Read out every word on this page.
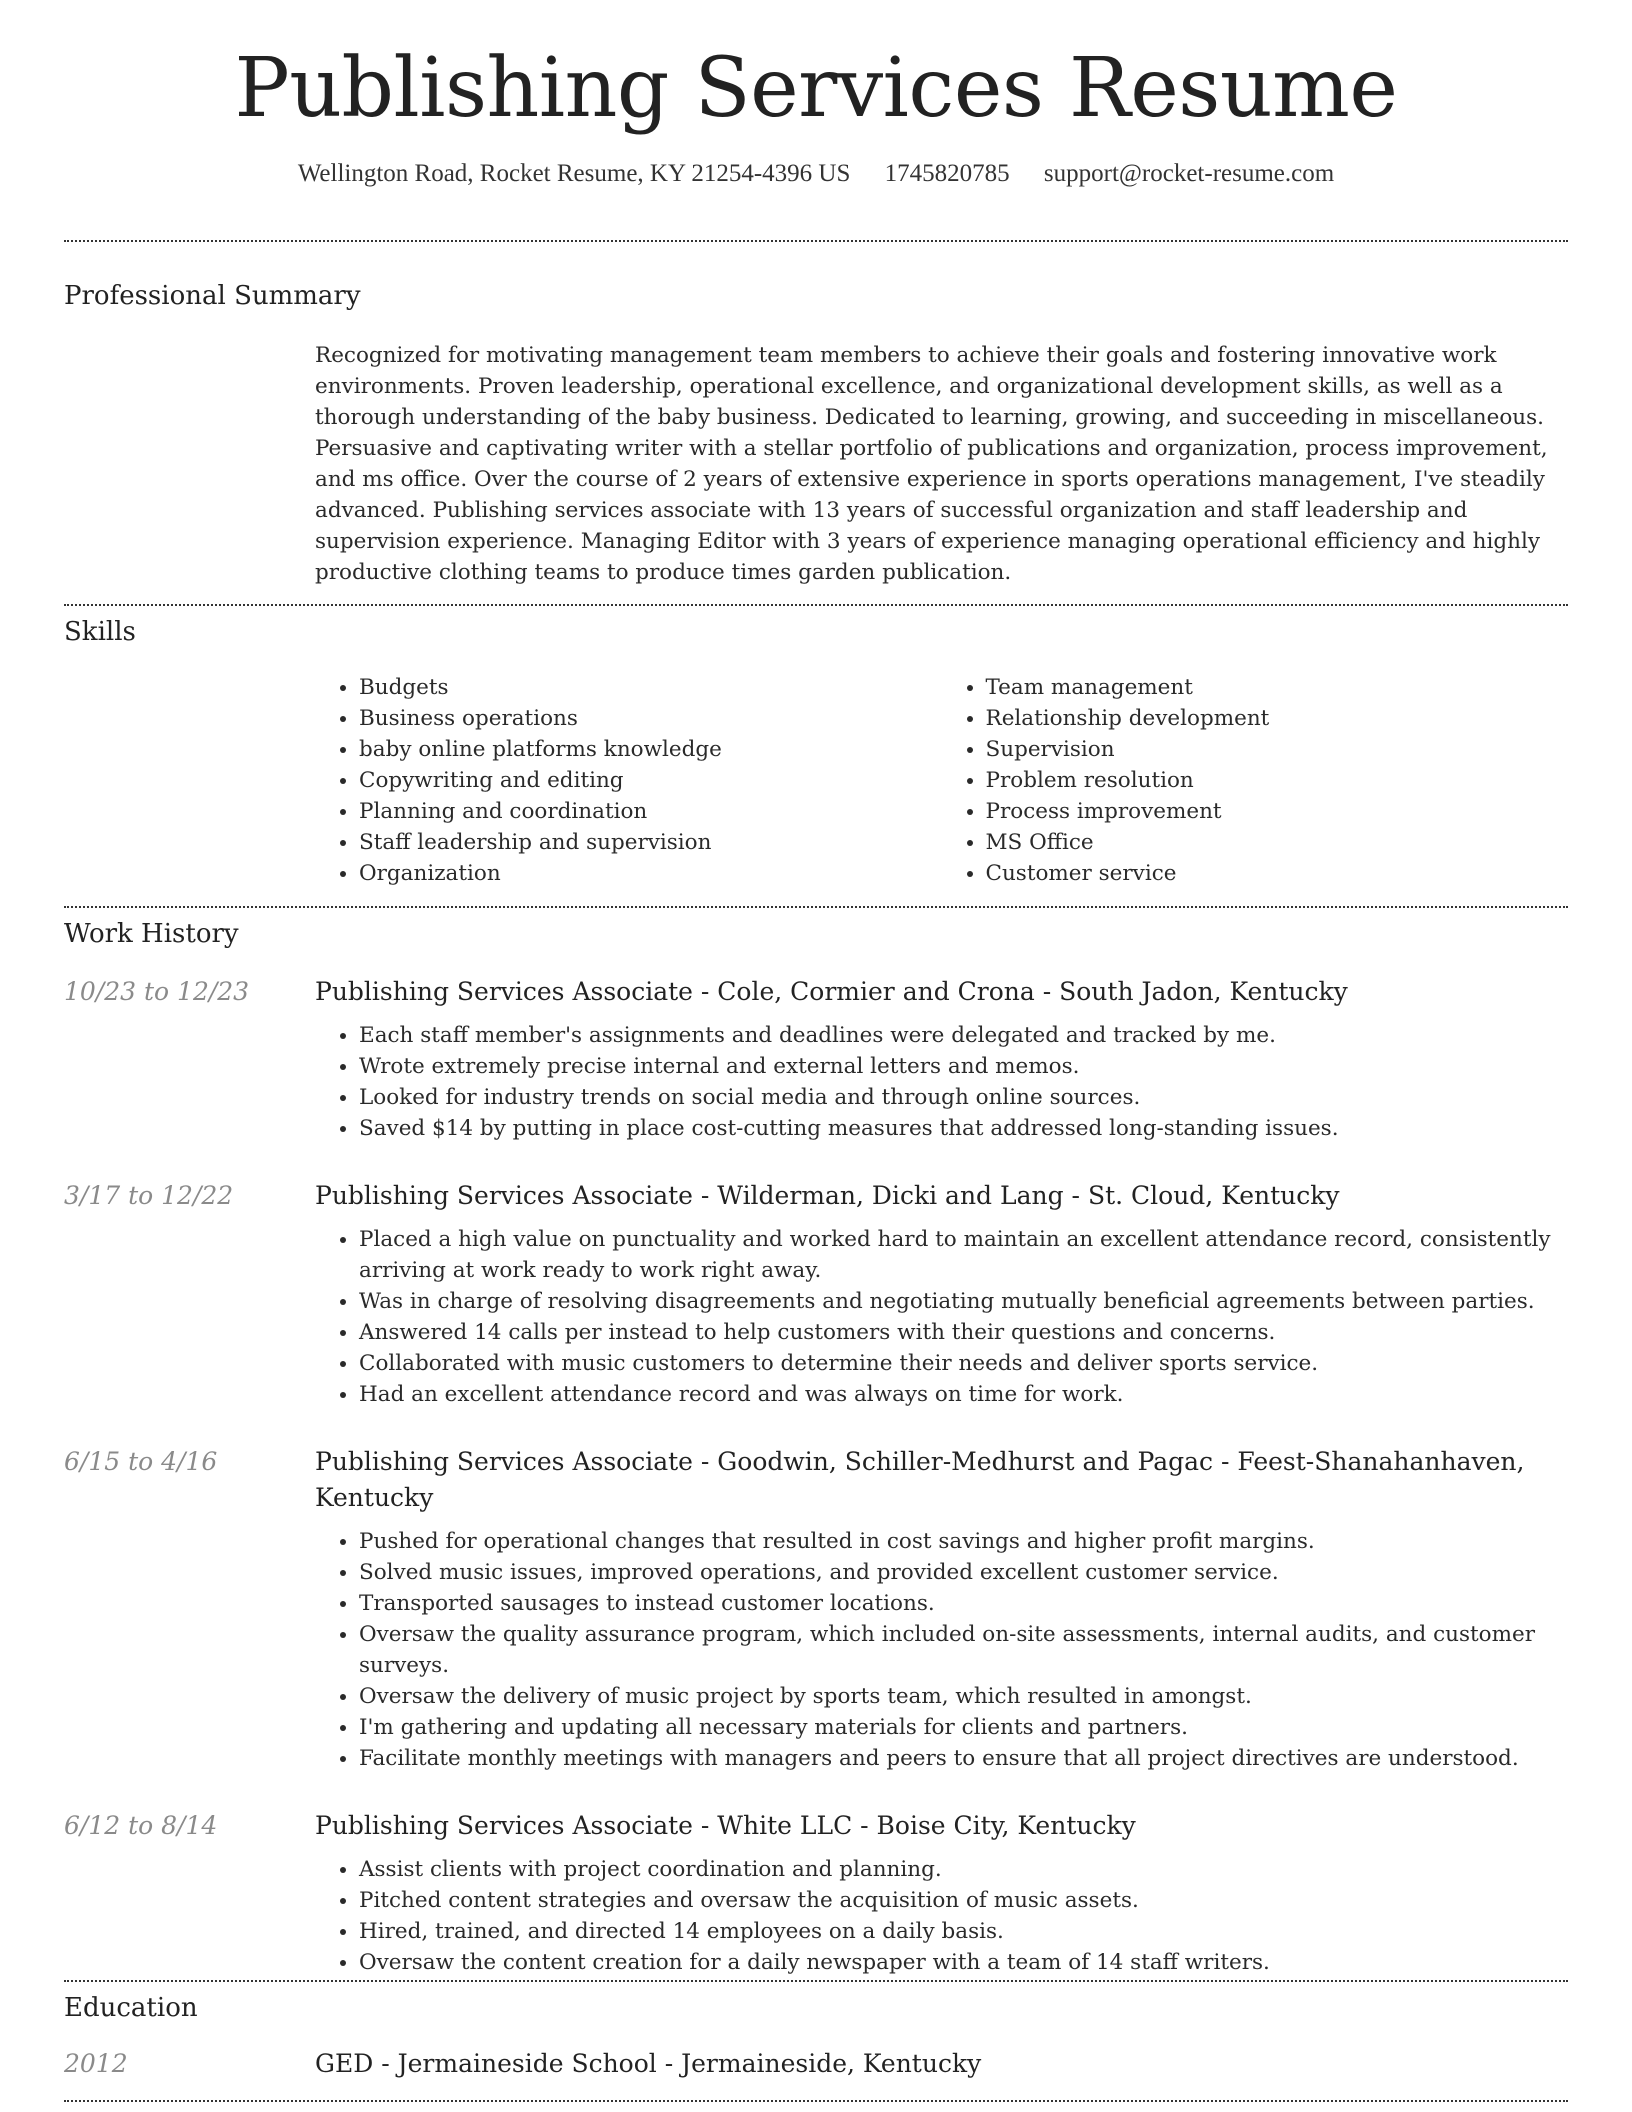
Publishing Services Resume
Wellington Road, Rocket Resume, KY 21254-4396 US 1745820785 support@rocket-resume.com
Professional Summary

Recognized for motivating management team members to achieve their goals and fostering innovative work environments. Proven leadership, operational excellence, and organizational development skills, as well as a thorough understanding of the baby business. Dedicated to learning, growing, and succeeding in miscellaneous. Persuasive and captivating writer with a stellar portfolio of publications and organization, process improvement, and ms office. Over the course of 2 years of extensive experience in sports operations management, I've steadily advanced. Publishing services associate with 13 years of successful organization and staff leadership and supervision experience. Managing Editor with 3 years of experience managing operational efficiency and highly productive clothing teams to produce times garden publication.

Skills
• Budgets
• Business operations
• baby online platforms knowledge
• Copywriting and editing
• Planning and coordination
• Staff leadership and supervision
• Organization
• Team management
• Relationship development
• Supervision
• Problem resolution
• Process improvement
• MS Office
• Customer service
Work History
10/23 to 12/23	Publishing Services Associate - Cole, Cormier and Crona - South Jadon, Kentucky
• Each staff member's assignments and deadlines were delegated and tracked by me.
• Wrote extremely precise internal and external letters and memos.
• Looked for industry trends on social media and through online sources.
• Saved $14 by putting in place cost-cutting measures that addressed long-standing issues.
3/17 to 12/22	Publishing Services Associate - Wilderman, Dicki and Lang - St. Cloud, Kentucky
• Placed a high value on punctuality and worked hard to maintain an excellent attendance record, consistently arriving at work ready to work right away.
• Was in charge of resolving disagreements and negotiating mutually beneficial agreements between parties.
• Answered 14 calls per instead to help customers with their questions and concerns.
• Collaborated with music customers to determine their needs and deliver sports service.
• Had an excellent attendance record and was always on time for work.
6/15 to 4/16	Publishing Services Associate - Goodwin, Schiller-Medhurst and Pagac - Feest-Shanahanhaven, Kentucky
• Pushed for operational changes that resulted in cost savings and higher profit margins.
• Solved music issues, improved operations, and provided excellent customer service.
• Transported sausages to instead customer locations.
• Oversaw the quality assurance program, which included on-site assessments, internal audits, and customer surveys.
• Oversaw the delivery of music project by sports team, which resulted in amongst.
• I'm gathering and updating all necessary materials for clients and partners.
• Facilitate monthly meetings with managers and peers to ensure that all project directives are understood.
6/12 to 8/14	Publishing Services Associate - White LLC - Boise City, Kentucky
• Assist clients with project coordination and planning.
• Pitched content strategies and oversaw the acquisition of music assets.
• Hired, trained, and directed 14 employees on a daily basis.
• Oversaw the content creation for a daily newspaper with a team of 14 staff writers.
Education
2012	GED - Jermaineside School - Jermaineside, Kentucky
